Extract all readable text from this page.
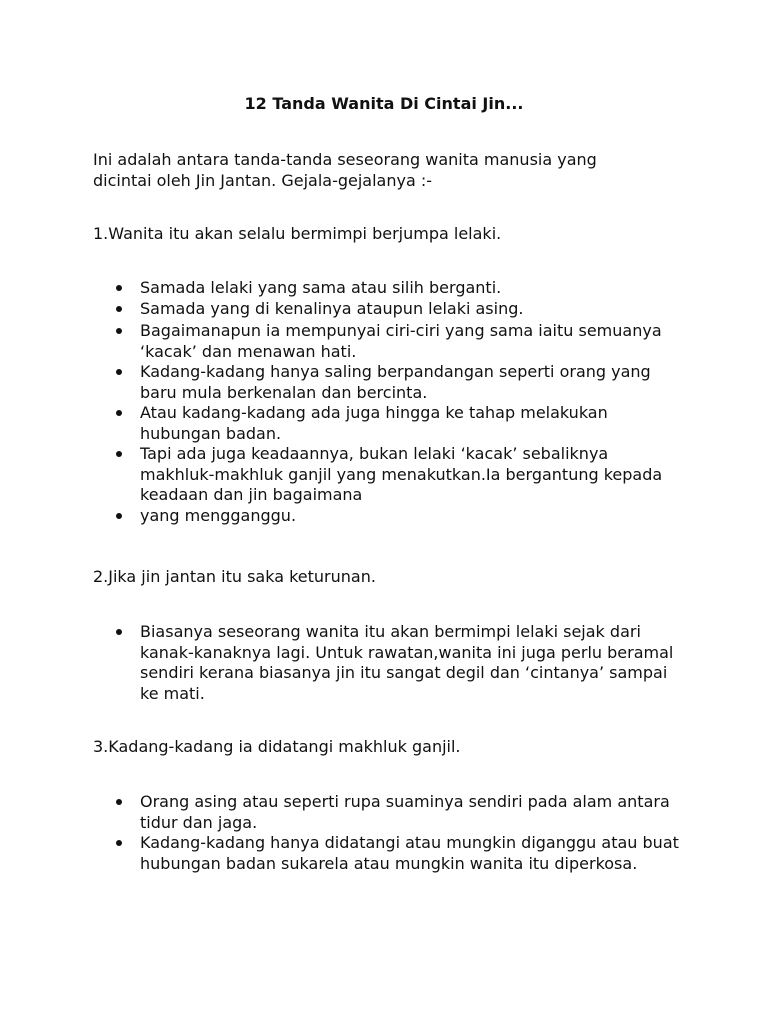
12 Tanda Wanita Di Cintai Jin...

Ini adalah antara tanda-tanda seseorang wanita manusia yang
dicintai oleh Jin Jantan. Gejala-gejalanya :-

1.Wanita itu akan selalu bermimpi berjumpa lelaki.

Samada lelaki yang sama atau silih berganti.
Samada yang di kenalinya ataupun lelaki asing.
Bagaimanapun ia mempunyai ciri-ciri yang sama iaitu semuanya ‘kacak’ dan menawan hati.
Kadang-kadang hanya saling berpandangan seperti orang yang baru mula berkenalan dan bercinta.
Atau kadang-kadang ada juga hingga ke tahap melakukan hubungan badan.
Tapi ada juga keadaannya, bukan lelaki ‘kacak’ sebaliknya makhluk-makhluk ganjil yang menakutkan.Ia bergantung kepada keadaan dan jin bagaimana
yang mengganggu.

2.Jika jin jantan itu saka keturunan.

Biasanya seseorang wanita itu akan bermimpi lelaki sejak dari kanak-kanaknya lagi. Untuk rawatan,wanita ini juga perlu beramal sendiri kerana biasanya jin itu sangat degil dan ‘cintanya’ sampai ke mati.

3.Kadang-kadang ia didatangi makhluk ganjil.

Orang asing atau seperti rupa suaminya sendiri pada alam antara tidur dan jaga.
Kadang-kadang hanya didatangi atau mungkin diganggu atau buat hubungan badan sukarela atau mungkin wanita itu diperkosa.
